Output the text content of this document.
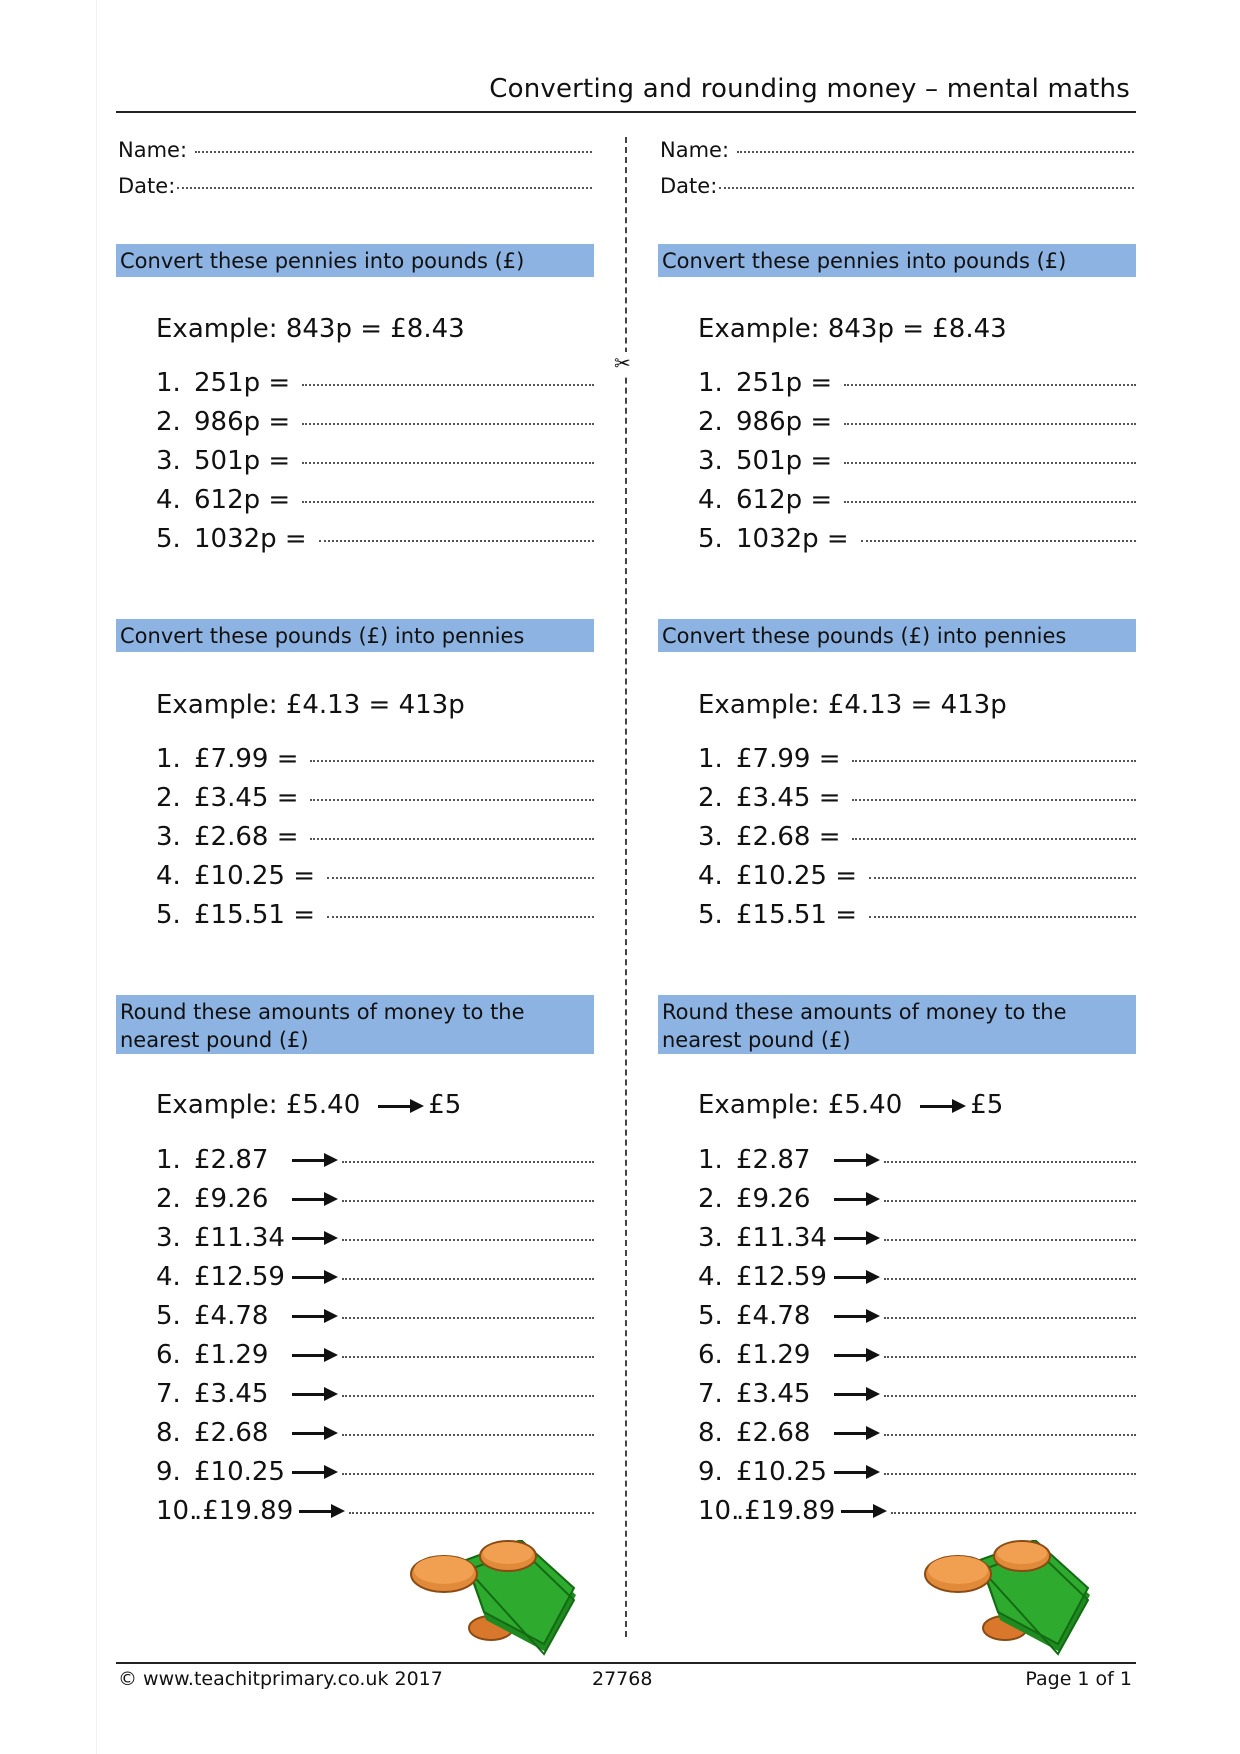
Converting and rounding money – mental maths
✂
Name:
Date:
Convert these pennies into pounds (£)
Example: 843p = £8.43
1. 251p =
2. 986p =
3. 501p =
4. 612p =
5. 1032p =
Convert these pounds (£) into pennies
Example: £4.13 = 413p
1. £7.99 =
2. £3.45 =
3. £2.68 =
4. £10.25 =
5. £15.51 =
Round these amounts of money to the nearest pound (£)
Example: £5.40	£5
1. £2.87
2. £9.26
3. £11.34
4. £12.59
5. £4.78
6. £1.29
7. £3.45
8. £2.68
9. £10.25
10.
.£19.89
Name:
Date:
Convert these pennies into pounds (£)
Example: 843p = £8.43
1. 251p =
2. 986p =
3. 501p =
4. 612p =
5. 1032p =
Convert these pounds (£) into pennies
Example: £4.13 = 413p
1. £7.99 =
2. £3.45 =
3. £2.68 =
4. £10.25 =
5. £15.51 =
Round these amounts of money to the nearest pound (£)
Example: £5.40	£5
1. £2.87
2. £9.26
3. £11.34
4. £12.59
5. £4.78
6. £1.29
7. £3.45
8. £2.68
9. £10.25
10.
.£19.89
© www.teachitprimary.co.uk 2017	27768	Page 1 of 1
